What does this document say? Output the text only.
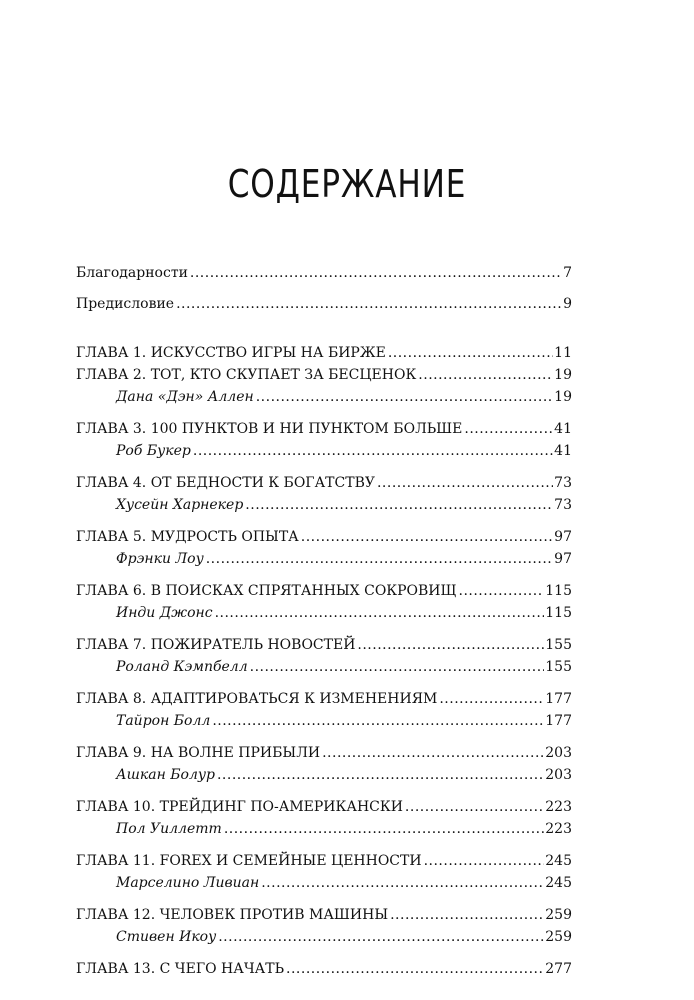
СОДЕРЖАНИЕ
Благодарности .....	7
Предисловие .....	9
ГЛАВА 1. ИСКУССТВО ИГРЫ НА БИРЖЕ .....	11
ГЛАВА 2. ТОТ, КТО СКУПАЕТ ЗА БЕСЦЕНОК .....	19
Дана «Дэн» Аллен .....	19
ГЛАВА 3. 100 ПУНКТОВ И НИ ПУНКТОМ БОЛЬШЕ .....	41
Роб Букер .....	41
ГЛАВА 4. ОТ БЕДНОСТИ К БОГАТСТВУ .....	73
Хусейн Харнекер .....	73
ГЛАВА 5. МУДРОСТЬ ОПЫТА .....	97
Фрэнки Лоу .....	97
ГЛАВА 6. В ПОИСКАХ СПРЯТАННЫХ СОКРОВИЩ .....	115
Инди Джонс .....	115
ГЛАВА 7. ПОЖИРАТЕЛЬ НОВОСТЕЙ .....	155
Роланд Кэмпбелл .....	155
ГЛАВА 8. АДАПТИРОВАТЬСЯ К ИЗМЕНЕНИЯМ .....	177
Тайрон Болл .....	177
ГЛАВА 9. НА ВОЛНЕ ПРИБЫЛИ .....	203
Ашкан Болур .....	203
ГЛАВА 10. ТРЕЙДИНГ ПО-АМЕРИКАНСКИ .....	223
Пол Уиллетт .....	223
ГЛАВА 11. FOREX И СЕМЕЙНЫЕ ЦЕННОСТИ .....	245
Марселино Ливиан .....	245
ГЛАВА 12. ЧЕЛОВЕК ПРОТИВ МАШИНЫ .....	259
Стивен Икоу .....	259
ГЛАВА 13. С ЧЕГО НАЧАТЬ .....	277
